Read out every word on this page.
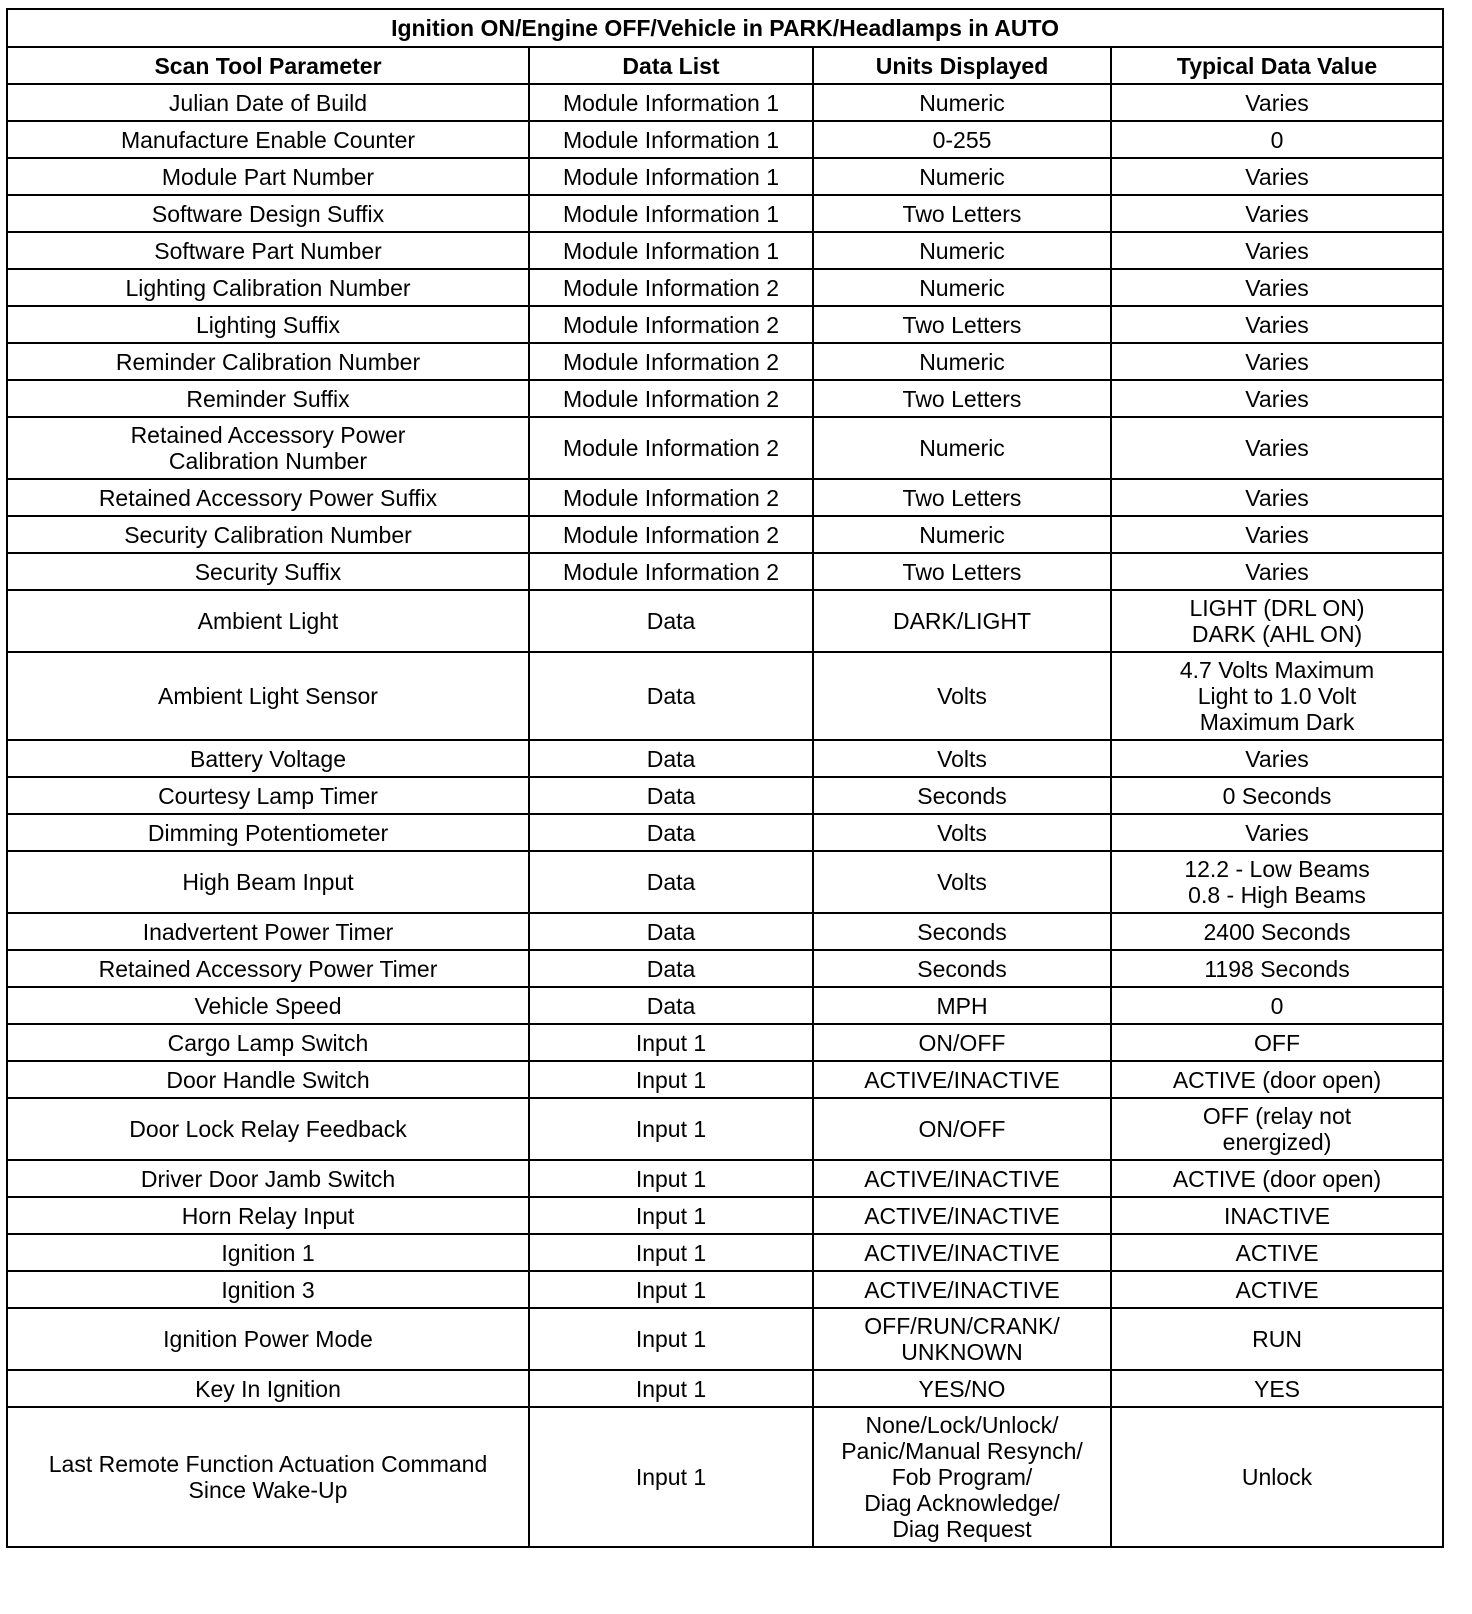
Ignition ON/Engine OFF/Vehicle in PARK/Headlamps in AUTO			
Scan Tool Parameter	Data List	Units Displayed	Typical Data Value

Julian Date of Build	Module Information 1	Numeric	Varies

Manufacture Enable Counter	Module Information 1	0-255	0

Module Part Number	Module Information 1	Numeric	Varies

Software Design Suffix	Module Information 1	Two Letters	Varies

Software Part Number	Module Information 1	Numeric	Varies

Lighting Calibration Number	Module Information 2	Numeric	Varies

Lighting Suffix	Module Information 2	Two Letters	Varies

Reminder Calibration Number	Module Information 2	Numeric	Varies

Reminder Suffix	Module Information 2	Two Letters	Varies

Retained Accessory Power
Calibration Number	Module Information 2	Numeric	Varies

Retained Accessory Power Suffix	Module Information 2	Two Letters	Varies

Security Calibration Number	Module Information 2	Numeric	Varies

Security Suffix	Module Information 2	Two Letters	Varies

Ambient Light	Data	DARK/LIGHT	LIGHT (DRL ON)
DARK (AHL ON)

Ambient Light Sensor	Data	Volts	4.7 Volts Maximum
Light to 1.0 Volt
Maximum Dark

Battery Voltage	Data	Volts	Varies

Courtesy Lamp Timer	Data	Seconds	0 Seconds

Dimming Potentiometer	Data	Volts	Varies

High Beam Input	Data	Volts	12.2 - Low Beams
0.8 - High Beams

Inadvertent Power Timer	Data	Seconds	2400 Seconds

Retained Accessory Power Timer	Data	Seconds	1198 Seconds

Vehicle Speed	Data	MPH	0

Cargo Lamp Switch	Input 1	ON/OFF	OFF

Door Handle Switch	Input 1	ACTIVE/INACTIVE	ACTIVE (door open)

Door Lock Relay Feedback	Input 1	ON/OFF	OFF (relay not
energized)

Driver Door Jamb Switch	Input 1	ACTIVE/INACTIVE	ACTIVE (door open)

Horn Relay Input	Input 1	ACTIVE/INACTIVE	INACTIVE

Ignition 1	Input 1	ACTIVE/INACTIVE	ACTIVE

Ignition 3	Input 1	ACTIVE/INACTIVE	ACTIVE

Ignition Power Mode	Input 1	OFF/RUN/CRANK/
UNKNOWN	RUN

Key In Ignition	Input 1	YES/NO	YES

Last Remote Function Actuation Command
Since Wake-Up	Input 1	None/Lock/Unlock/
Panic/Manual Resynch/
Fob Program/
Diag Acknowledge/
Diag Request	Unlock
